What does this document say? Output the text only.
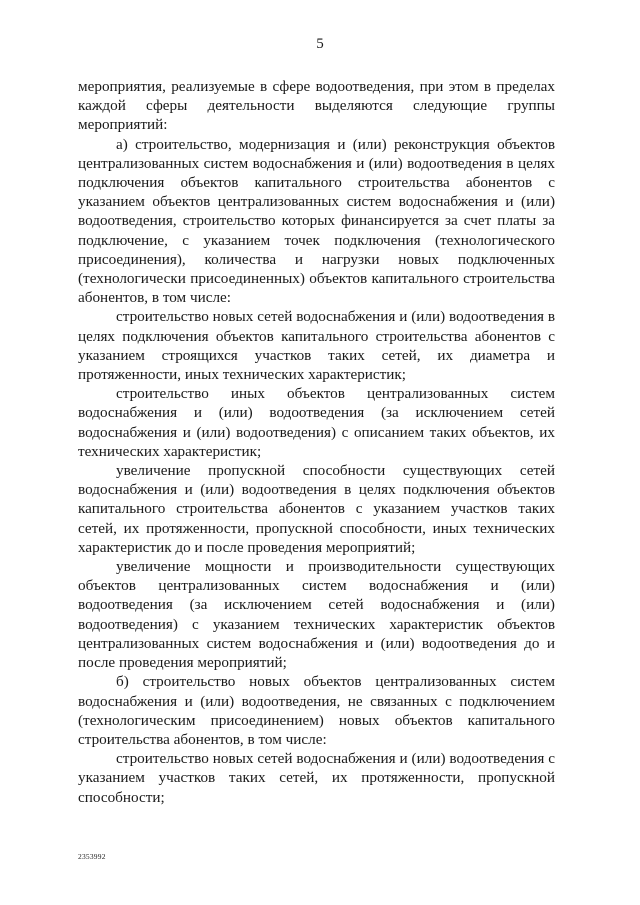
5

мероприятия, реализуемые в сфере водоотведения, при этом в пределах каждой сферы деятельности выделяются следующие группы мероприятий:

а) строительство, модернизация и (или) реконструкция объектов централизованных систем водоснабжения и (или) водоотведения в целях подключения объектов капитального строительства абонентов с указанием объектов централизованных систем водоснабжения и (или) водоотведения, строительство которых финансируется за счет платы за подключение, с указанием точек подключения (технологического присоединения), количества и нагрузки новых подключенных (технологически присоединенных) объектов капитального строительства абонентов, в том числе:

строительство новых сетей водоснабжения и (или) водоотведения в целях подключения объектов капитального строительства абонентов с указанием строящихся участков таких сетей, их диаметра и протяженности, иных технических характеристик;

строительство иных объектов централизованных систем водоснабжения и (или) водоотведения (за исключением сетей водоснабжения и (или) водоотведения) с описанием таких объектов, их технических характеристик;

увеличение пропускной способности существующих сетей водоснабжения и (или) водоотведения в целях подключения объектов капитального строительства абонентов с указанием участков таких сетей, их протяженности, пропускной способности, иных технических характеристик до и после проведения мероприятий;

увеличение мощности и производительности существующих объектов централизованных систем водоснабжения и (или) водоотведения (за исключением сетей водоснабжения и (или) водоотведения) с указанием технических характеристик объектов централизованных систем водоснабжения и (или) водоотведения до и после проведения мероприятий;

б) строительство новых объектов централизованных систем водоснабжения и (или) водоотведения, не связанных с подключением (технологическим присоединением) новых объектов капитального строительства абонентов, в том числе:

строительство новых сетей водоснабжения и (или) водоотведения с указанием участков таких сетей, их протяженности, пропускной способности;

2353992
